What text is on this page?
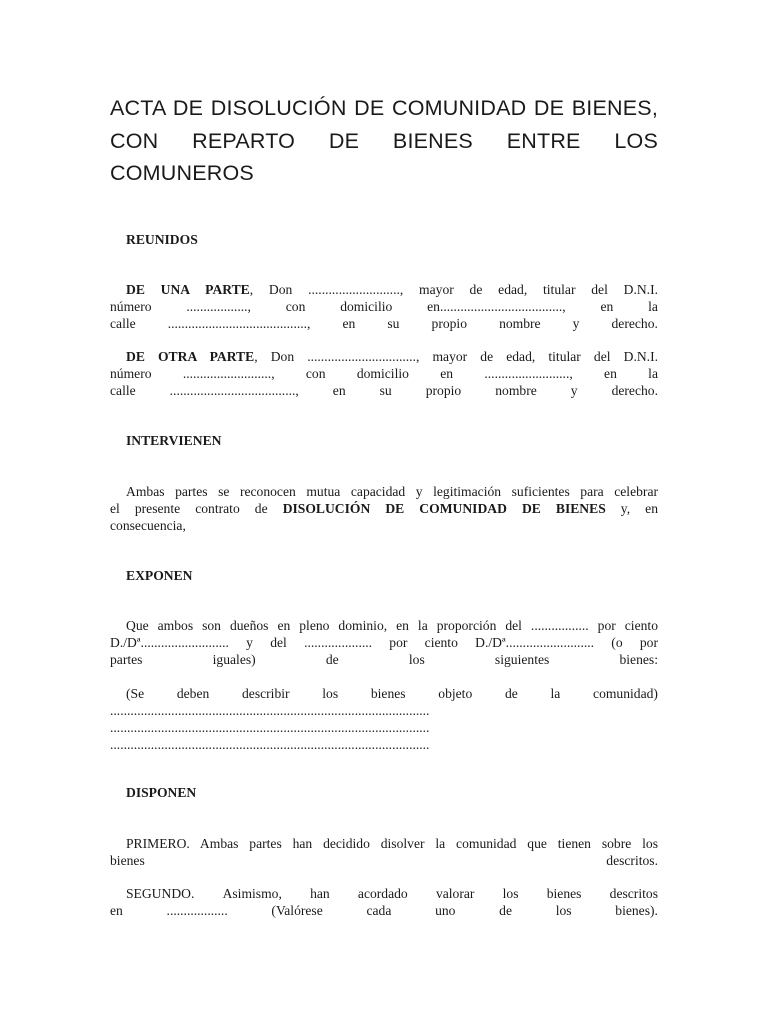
ACTA DE DISOLUCIÓN DE COMUNIDAD DE BIENES, CON REPARTO DE BIENES ENTRE LOS COMUNEROS

REUNIDOS

DE UNA PARTE, Don ..........................., mayor de edad, titular del D.N.I.
número	..................,	con	domicilio	en....................................,	en	la
calle ........................................., en su propio nombre y derecho.
DE OTRA PARTE, Don ................................, mayor de edad, titular del D.N.I.
número .........................., con domicilio en ........................., en la
calle	.....................................,	en	su	propio	nombre	y	derecho.

INTERVIENEN

Ambas partes se reconocen mutua capacidad y legitimación suficientes para celebrar
el presente contrato de DISOLUCIÓN DE COMUNIDAD DE BIENES y, en
consecuencia,

EXPONEN

Que ambos son dueños en pleno dominio, en la proporción del ................. por ciento
D./Dª.......................... y del .................... por ciento D./Dª.......................... (o por
partes	iguales)	de	los	siguientes	bienes:
(Se deben describir los bienes objeto de la comunidad)
..............................................................................................
..............................................................................................
..............................................................................................

DISPONEN

PRIMERO. Ambas partes han decidido disolver la comunidad que tienen sobre los
bienes	descritos.
SEGUNDO. Asimismo, han acordado valorar los bienes descritos
en	..................	(Valórese	cada	uno	de	los	bienes).
